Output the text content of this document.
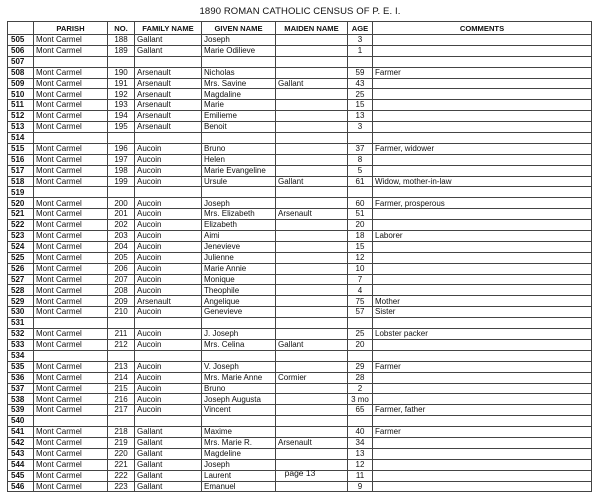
1890 ROMAN CATHOLIC CENSUS OF P. E. I.
	PARISH	NO.	FAMILY NAME	GIVEN NAME	MAIDEN NAME	AGE	COMMENTS
505	Mont Carmel	188	Gallant	Joseph		3	
506	Mont Carmel	189	Gallant	Marie Odilieve		1	
507							
508	Mont Carmel	190	Arsenault	Nicholas		59	Farmer
509	Mont Carmel	191	Arsenault	Mrs. Savine	Gallant	43	
510	Mont Carmel	192	Arsenault	Magdaline		25	
511	Mont Carmel	193	Arsenault	Marie		15	
512	Mont Carmel	194	Arsenault	Emilieme		13	
513	Mont Carmel	195	Arsenault	Benoit		3	
514							
515	Mont Carmel	196	Aucoin	Bruno		37	Farmer, widower
516	Mont Carmel	197	Aucoin	Helen		8	
517	Mont Carmel	198	Aucoin	Marie Evangeline		5	
518	Mont Carmel	199	Aucoin	Ursule	Gallant	61	Widow, mother-in-law
519							
520	Mont Carmel	200	Aucoin	Joseph		60	Farmer, prosperous
521	Mont Carmel	201	Aucoin	Mrs. Elizabeth	Arsenault	51	
522	Mont Carmel	202	Aucoin	Elizabeth		20	
523	Mont Carmel	203	Aucoin	Aimi		18	Laborer
524	Mont Carmel	204	Aucoin	Jenevieve		15	
525	Mont Carmel	205	Aucoin	Julienne		12	
526	Mont Carmel	206	Aucoin	Marie Annie		10	
527	Mont Carmel	207	Aucoin	Monique		7	
528	Mont Carmel	208	Aucoin	Theophile		4	
529	Mont Carmel	209	Arsenault	Angelique		75	Mother
530	Mont Carmel	210	Aucoin	Genevieve		57	Sister
531							
532	Mont Carmel	211	Aucoin	J. Joseph		25	Lobster packer
533	Mont Carmel	212	Aucoin	Mrs. Celina	Gallant	20	
534							
535	Mont Carmel	213	Aucoin	V. Joseph		29	Farmer
536	Mont Carmel	214	Aucoin	Mrs. Marie Anne	Cormier	28	
537	Mont Carmel	215	Aucoin	Bruno		2	
538	Mont Carmel	216	Aucoin	Joseph Augusta		3 mo	
539	Mont Carmel	217	Aucoin	Vincent		65	Farmer, father
540							
541	Mont Carmel	218	Gallant	Maxime		40	Farmer
542	Mont Carmel	219	Gallant	Mrs. Marie R.	Arsenault	34	
543	Mont Carmel	220	Gallant	Magdeline		13	
544	Mont Carmel	221	Gallant	Joseph		12	
545	Mont Carmel	222	Gallant	Laurent		11	
546	Mont Carmel	223	Gallant	Emanuel		9	
page 13
